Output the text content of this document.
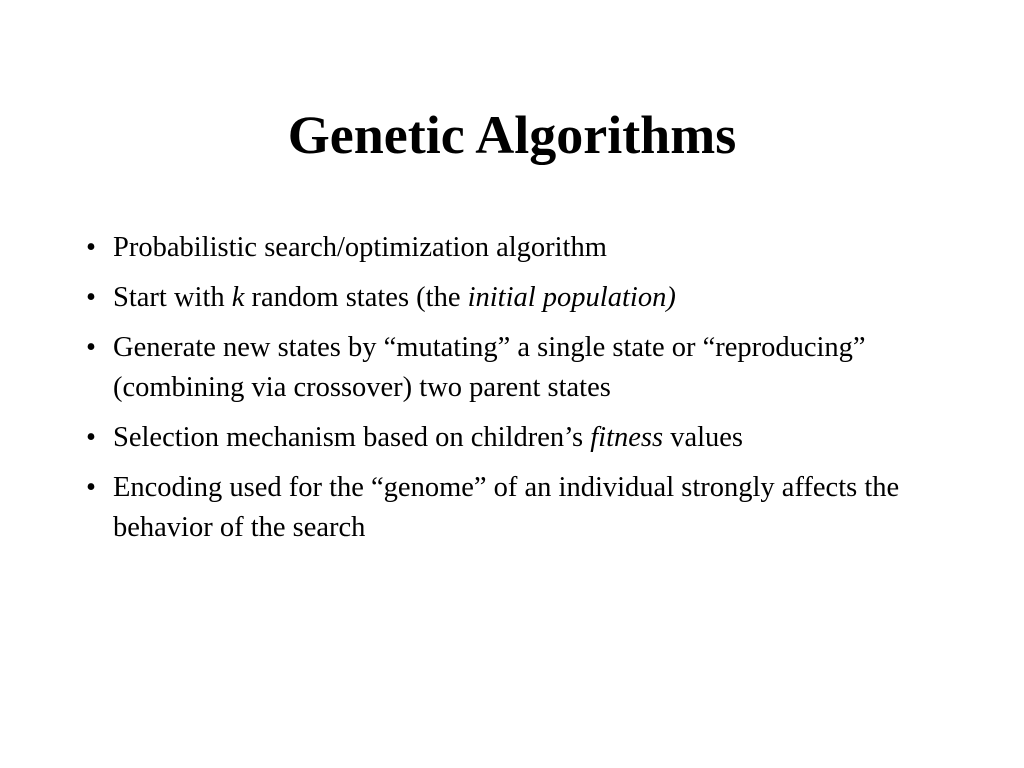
Genetic Algorithms
• Probabilistic search/optimization algorithm
• Start with k random states (the initial population)
• Generate new states by “mutating” a single state or “reproducing” (combining via crossover) two parent states
• Selection mechanism based on children’s fitness values
• Encoding used for the “genome” of an individual strongly affects the behavior of the search
